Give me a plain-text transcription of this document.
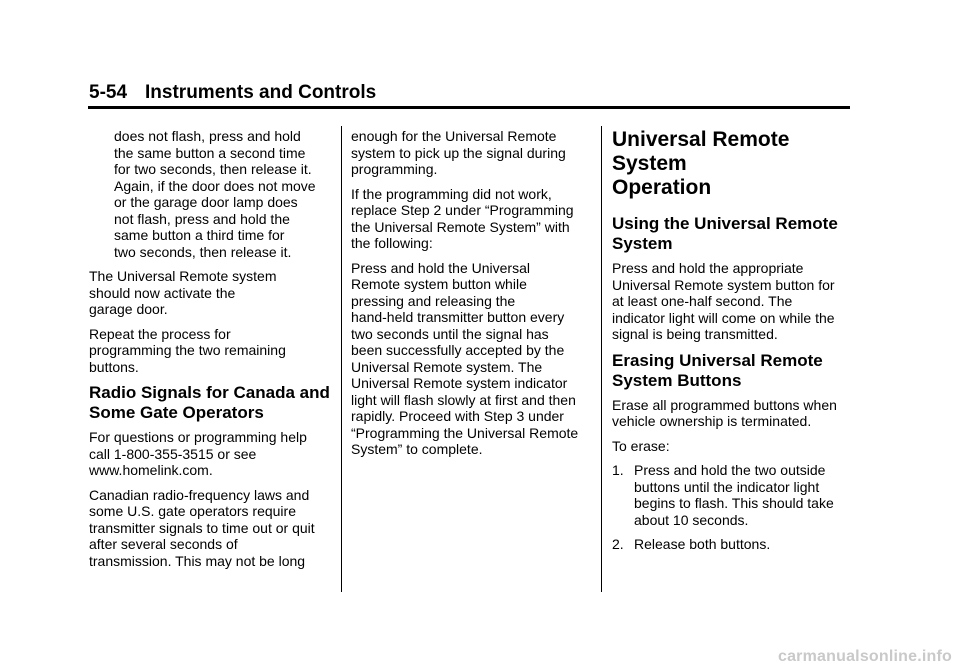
5-54 Instruments and Controls

does not flash, press and hold
the same button a second time
for two seconds, then release it.
Again, if the door does not move
or the garage door lamp does
not flash, press and hold the
same button a third time for
two seconds, then release it.

The Universal Remote system
should now activate the
garage door.

Repeat the process for
programming the two remaining
buttons.

Radio Signals for Canada and
Some Gate Operators

For questions or programming help
call 1-800-355-3515 or see
www.homelink.com.

Canadian radio-frequency laws and
some U.S. gate operators require
transmitter signals to time out or quit
after several seconds of
transmission. This may not be long

enough for the Universal Remote
system to pick up the signal during
programming.

If the programming did not work,
replace Step 2 under “Programming
the Universal Remote System” with
the following:

Press and hold the Universal
Remote system button while
pressing and releasing the
hand-held transmitter button every
two seconds until the signal has
been successfully accepted by the
Universal Remote system. The
Universal Remote system indicator
light will flash slowly at first and then
rapidly. Proceed with Step 3 under
“Programming the Universal Remote
System” to complete.

Universal Remote System
Operation
Using the Universal Remote
System

Press and hold the appropriate
Universal Remote system button for
at least one-half second. The
indicator light will come on while the
signal is being transmitted.

Erasing Universal Remote
System Buttons

Erase all programmed buttons when
vehicle ownership is terminated.

To erase:

1. Press and hold the two outside
buttons until the indicator light
begins to flash. This should take
about 10 seconds.
2. Release both buttons.
carmanualsonline.info
